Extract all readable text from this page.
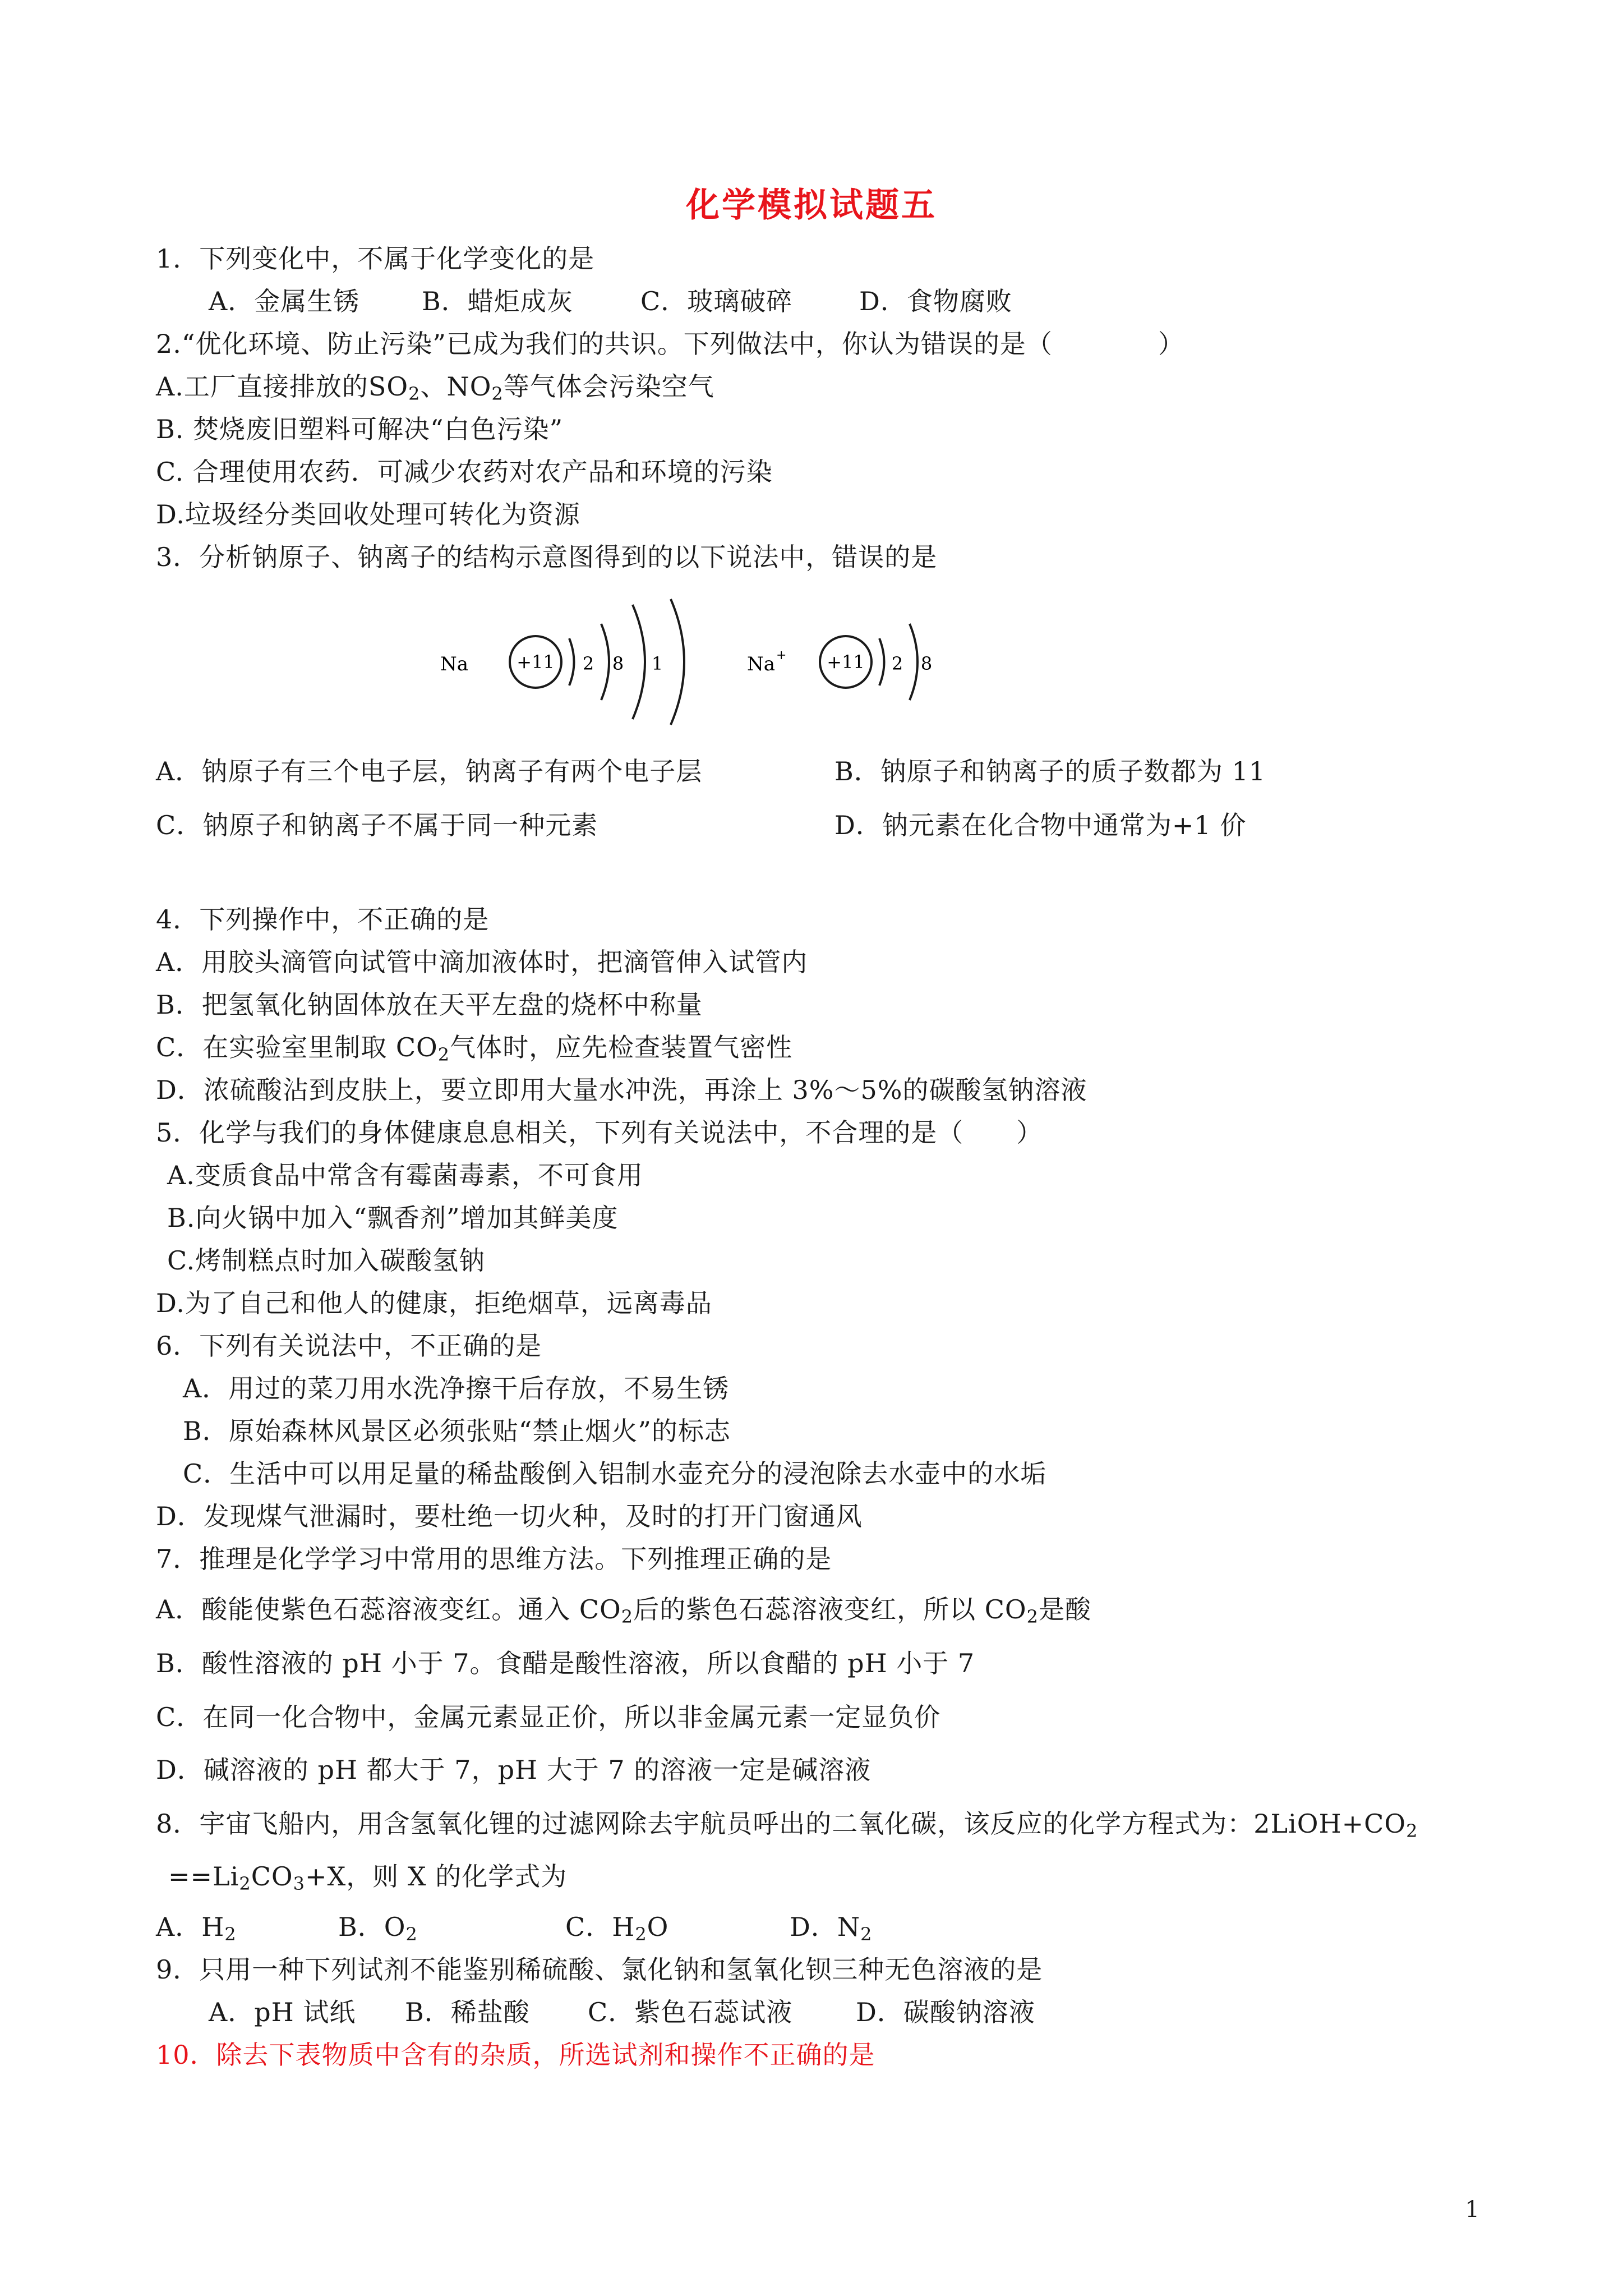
化学模拟试题五
1．下列变化中，不属于化学变化的是
A．金属生锈 B．蜡炬成灰	C．玻璃破碎	D．食物腐败
2.“优化环境、防止污染”已成为我们的共识。下列做法中，你认为错误的是（　　　　）
A.工厂直接排放的$SO_2$、$NO_2$等气体会污染空气
B. 焚烧废旧塑料可解决“白色污染”
C. 合理使用农药．可减少农药对农产品和环境的污染
D.垃圾经分类回收处理可转化为资源
3．分析钠原子、钠离子的结构示意图得到的以下说法中，错误的是
Na	+11 2 8 1	Na + +11 2 8
A．钠原子有三个电子层，钠离子有两个电子层	B．钠原子和钠离子的质子数都为 11
C．钠原子和钠离子不属于同一种元素	D．钠元素在化合物中通常为+1 价
4．下列操作中，不正确的是
A．用胶头滴管向试管中滴加液体时，把滴管伸入试管内
B．把氢氧化钠固体放在天平左盘的烧杯中称量
C．在实验室里制取 $CO_2$气体时，应先检查装置气密性
D．浓硫酸沾到皮肤上，要立即用大量水冲洗，再涂上 3%～5%的碳酸氢钠溶液
5．化学与我们的身体健康息息相关，下列有关说法中，不合理的是（　　）
A.变质食品中常含有霉菌毒素，不可食用
B.向火锅中加入“飘香剂”增加其鲜美度
C.烤制糕点时加入碳酸氢钠
D.为了自己和他人的健康，拒绝烟草，远离毒品
6．下列有关说法中，不正确的是
A．用过的菜刀用水洗净擦干后存放，不易生锈
B．原始森林风景区必须张贴“禁止烟火”的标志
C．生活中可以用足量的稀盐酸倒入铝制水壶充分的浸泡除去水壶中的水垢
D．发现煤气泄漏时，要杜绝一切火种，及时的打开门窗通风
7．推理是化学学习中常用的思维方法。下列推理正确的是
A．酸能使紫色石蕊溶液变红。通入 $CO_2$后的紫色石蕊溶液变红，所以 $CO_2$是酸
B．酸性溶液的 pH 小于 7。食醋是酸性溶液，所以食醋的 pH 小于 7
C．在同一化合物中，金属元素显正价，所以非金属元素一定显负价
D．碱溶液的 pH 都大于 7，pH 大于 7 的溶液一定是碱溶液
8．宇宙飞船内，用含氢氧化锂的过滤网除去宇航员呼出的二氧化碳，该反应的化学方程式为：$2LiOH+CO_2$
$==Li_2CO_3+X$，则 X 的化学式为
A．$H_2$	B．$O_2$	C．$H_2O$	D．$N_2$
9．只用一种下列试剂不能鉴别稀硫酸、氯化钠和氢氧化钡三种无色溶液的是
A．pH 试纸 B．稀盐酸 C．紫色石蕊试液 D．碳酸钠溶液
10．除去下表物质中含有的杂质，所选试剂和操作不正确的是
1
